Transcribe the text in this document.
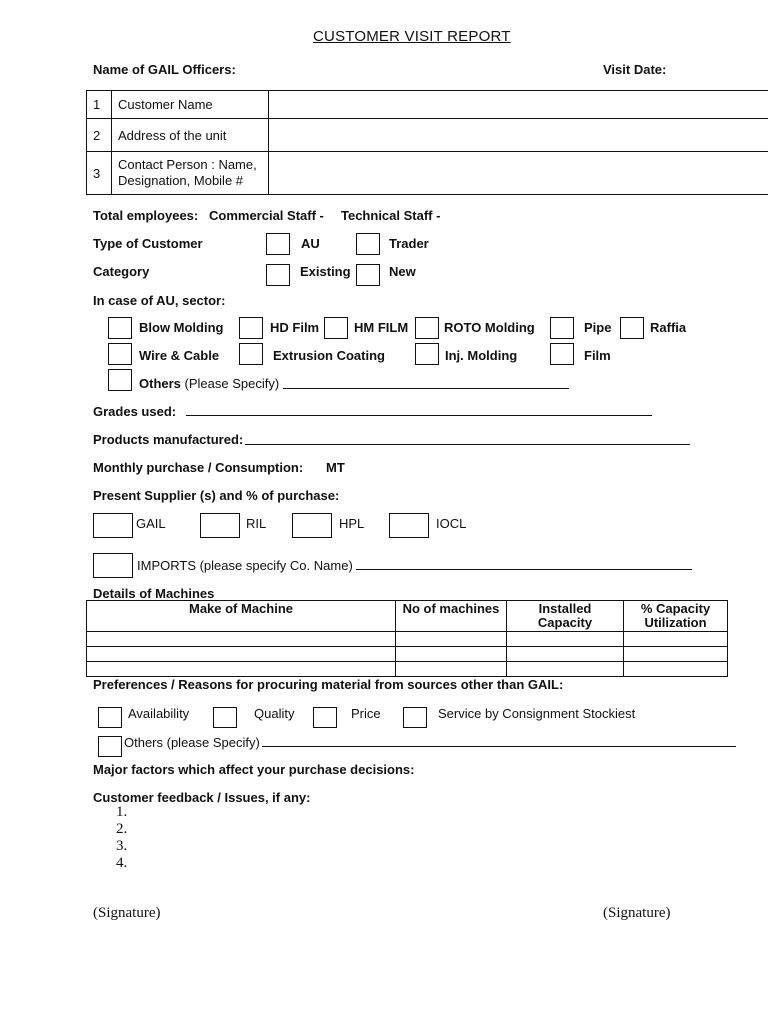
CUSTOMER VISIT REPORT
Name of GAIL Officers:	Visit Date:
1	Customer Name	
2	Address of the unit	
3	Contact Person : Name,
Designation, Mobile #	

Total employees: Commercial Staff - Technical Staff -
Type of Customer	AU	Trader
Category	Existing	New
In case of AU, sector:
Blow Molding	HD Film	HM FILM	ROTO Molding	Pipe	Raffia
Wire & Cable	Extrusion Coating	Inj. Molding	Film
Others (Please Specify)
Grades used:
Products manufactured:
Monthly purchase / Consumption: MT
Present Supplier (s) and % of purchase:
GAIL	RIL	HPL	IOCL
IMPORTS (please specify Co. Name)
Details of Machines
Make of Machine	No of machines	Installed Capacity	% Capacity Utilization

Preferences / Reasons for procuring material from sources other than GAIL:
Availability	Quality	Price	Service by Consignment Stockiest
Others (please Specify)
Major factors which affect your purchase decisions:
Customer feedback / Issues, if any:
1.
2.
3.
4.
(Signature)	(Signature)
